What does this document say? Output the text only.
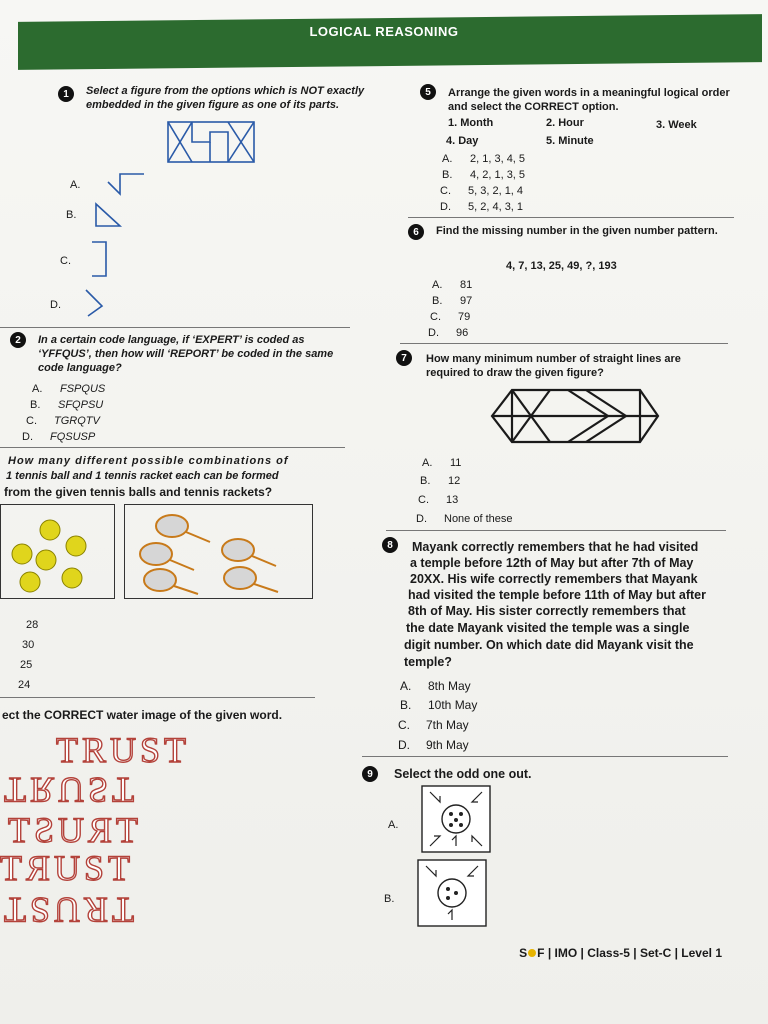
LOGICAL REASONING
1	Select a figure from the options which is NOT exactly embedded in the given figure as one of its parts.
A.
B.
C.
D.
2	In a certain code language, if ‘EXPERT’ is coded as ‘YFFQUS’, then how will ‘REPORT’ be coded in the same code language?
A. FSPQUS
B. SFQPSU
C. TGRQTV
D. FQSUSP
How many different possible combinations of
1 tennis ball and 1 tennis racket each can be formed
from the given tennis balls and tennis rackets?
28
30
25
24
ect the CORRECT water image of the given word.
TRUST
TRUST
TRUST
TЯUST
TRUST
5	Arrange the given words in a meaningful logical order and select the CORRECT option.
1. Month	2. Hour	3. Week
4. Day	5. Minute
A. 2, 1, 3, 4, 5
B. 4, 2, 1, 3, 5
C. 5, 3, 2, 1, 4
D. 5, 2, 4, 3, 1
6	Find the missing number in the given number pattern.
4, 7, 13, 25, 49, ?, 193
A. 81
B. 97
C. 79
D. 96
7	How many minimum number of straight lines are required to draw the given figure?
A. 11
B. 12
C. 13
D. None of these
8	Mayank correctly remembers that he had visited
a temple before 12th of May but after 7th of May
20XX. His wife correctly remembers that Mayank
had visited the temple before 11th of May but after
8th of May. His sister correctly remembers that
the date Mayank visited the temple was a single
digit number. On which date did Mayank visit the
temple?
A. 8th May
B. 10th May
C. 7th May
D. 9th May
9	Select the odd one out.
A.
B.
S F | IMO | Class-5 | Set-C | Level 1
